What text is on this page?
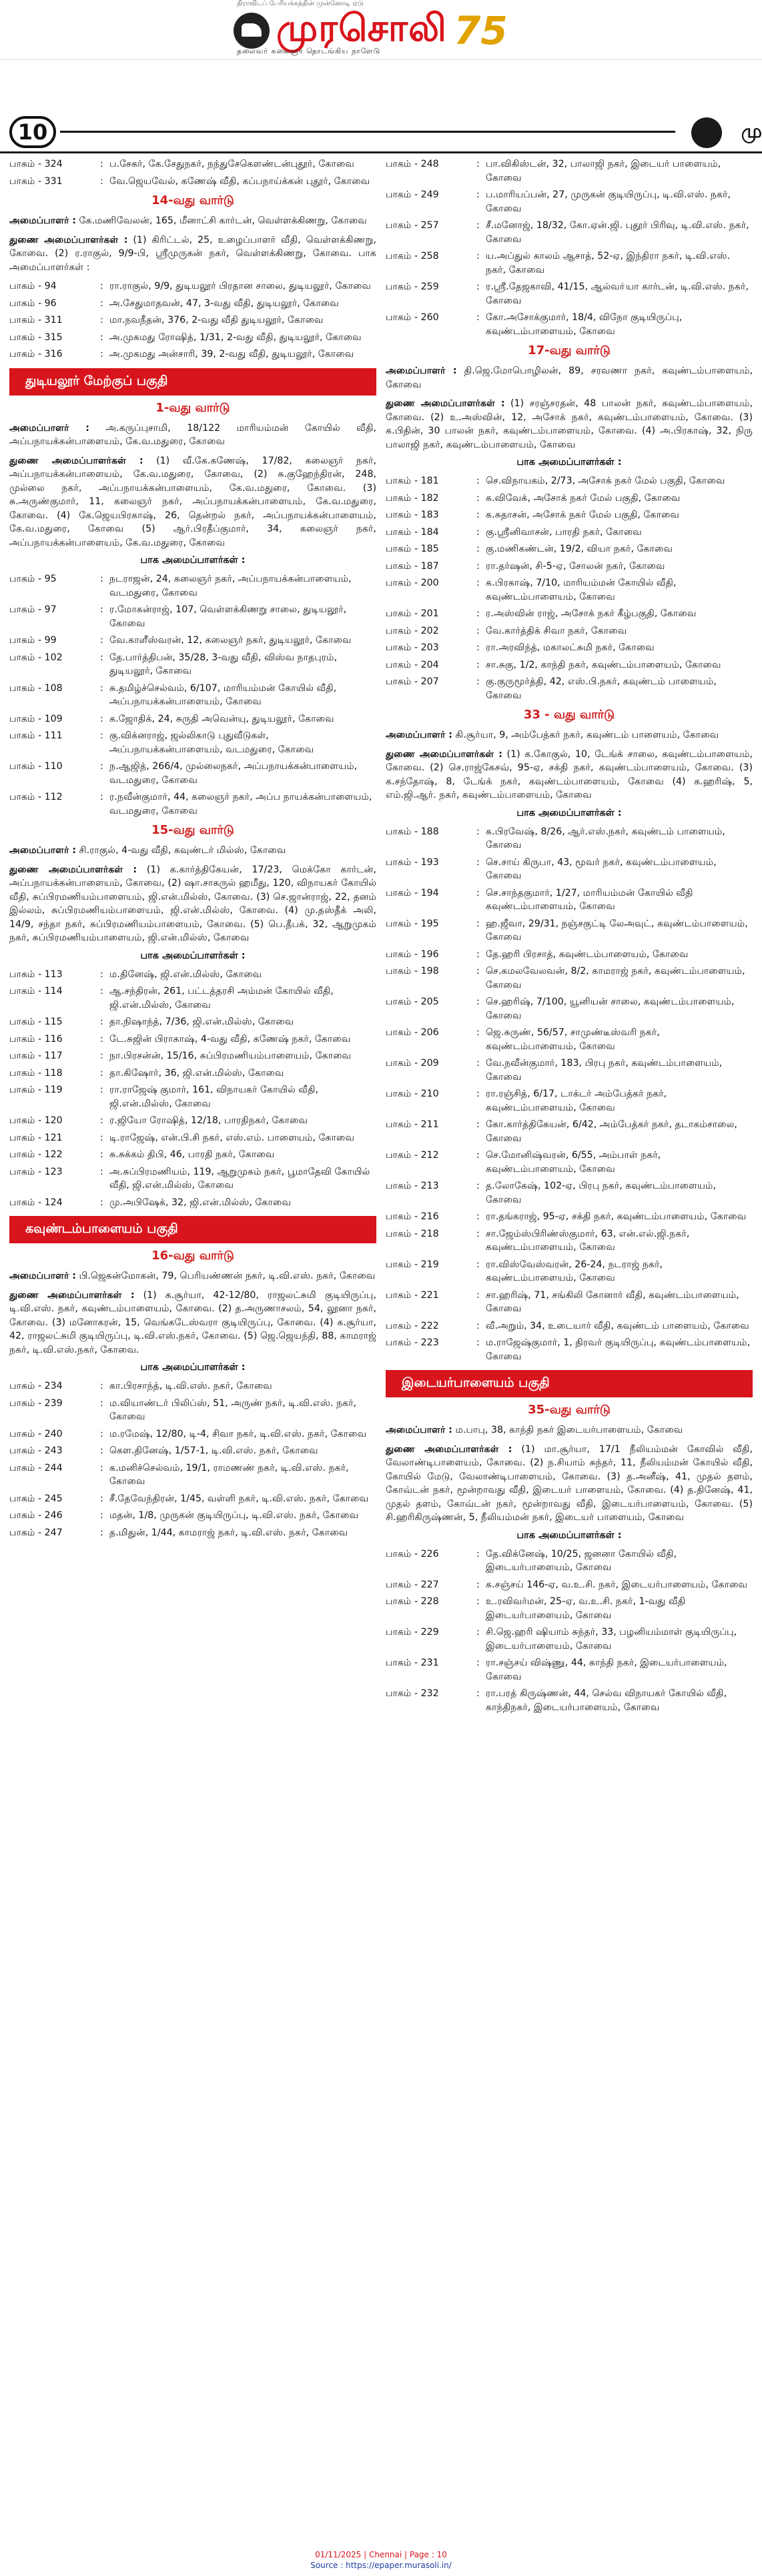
திராவிடப் பேரியக்கத்தின் முன்னோடி ஏடு
முரசொலி 75
தலைவர் கலைஞர் தொடங்கிய நாளேடு
10	மு
பாகம் - 324	: ப.சேகர், கே.சேதுநகர், நந்துசேகௌண்டன்புதூர், கோவை
பாகம் - 331	: வே.ஜெயவேல், கணேஷ் வீதி, கப்பநாய்க்கன் புதூர், கோவை
14-வது வார்டு
அமைப்பாளர் : கே.மணிவேலன், 165, மீனாட்சி கார்டன், வெள்ளக்கிணறு, கோவை
துணை அமைப்பாளர்கள் : (1) கிரிட்டல், 25, உழைப்பாளர் வீதி, வெள்ளக்கிணறு, கோவை. (2) ர.ராகுல், 9/9-பி, ஸ்ரீமுருகன் நகர், வெள்ளக்கிணறு, கோவை. பாக அமைப்பாளர்கள் :
பாகம் - 94	: ரா.ராகுல், 9/9, துடியலூர் பிரதான சாலை, துடியலூர், கோவை
பாகம் - 96	: அ.சேதுமாதவன், 47, 3-வது வீதி, துடியலூர், கோவை
பாகம் - 311	: மா.நவநீதன், 376, 2-வது வீதி துடியலூர், கோவை
பாகம் - 315	: அ.முகமது ரோஷித், 1/31, 2-வது வீதி, துடியலூர், கோவை
பாகம் - 316	: அ.முகமது அன்சாரி, 39, 2-வது வீதி, துடியலூர், கோவை
துடியலூர் மேற்குப் பகுதி
1-வது வார்டு
அமைப்பாளர் : அ.கருப்புசாமி, 18/122 மாரியம்மன் கோயில் வீதி, அப்பநாயக்கன்பாளையம், கே.வ.மதுரை, கோவை
துணை அமைப்பாளர்கள் : (1) வீ.கே.கணேஷ், 17/82, கலைஞர் நகர், அப்பநாயக்கன்பாளையம், கே.வ.மதுரை, கோவை, (2) சு.குஹேந்திரன், 248, முல்லை நகர், அப்பநாயக்கன்பாளையம், கே.வ.மதுரை, கோவை. (3) சு.அருண்குமார், 11, கலைஞர் நகர், அப்பநாயக்கன்பாளையம், கே.வ.மதுரை, கோவை. (4) கே.ஜெயபிரகாஷ், 26, தென்றல் நகர், அப்பநாயக்கன்பாளையம், கே.வ.மதுரை, கோவை (5) ஆர்.பிரதீப்குமார், 34, கலைஞர் நகர், அப்பநாயக்கன்பாளையம், கே.வ.மதுரை, கோவை
பாக அமைப்பாளர்கள் :
பாகம் - 95	: நடராஜன், 24, கலைஞர் நகர், அப்பநாயக்கன்பாளையம், வடமதுரை, கோவை
பாகம் - 97	: ர.மோகன்ராஜ், 107, வெள்ளக்கிணறு சாலை, துடியலூர், கோவை
பாகம் - 99	: வே.காளீஸ்வரன், 12, கலைஞர் நகர், துடியலூர், கோவை
பாகம் - 102	: தே.பார்த்திபன், 35/28, 3-வது வீதி, விஸ்வ நாதபுரம், துடியலூர், கோவை
பாகம் - 108	: சு.தமிழ்ச்செல்வம், 6/107, மாரியம்மன் கோயில் வீதி, அப்பநாயக்கன்பாளையம், கோவை
பாகம் - 109	: க.ஜோதிக், 24, சுருதி அவென்யு, துடியலூர், கோவை
பாகம் - 111	: கு.விக்னராஜ், ஜல்லிகாடு புதுவீடுகள், அப்பநாயக்கன்பாளையம், வடமதுரை, கோவை
பாகம் - 110	: ந.ஆஜித், 266/4, முல்லைநகர், அப்பநாயக்கன்பாளையம், வடமதுரை, கோவை
பாகம் - 112	: ர.நவீன்குமார், 44, கலைஞர் நகர், அப்ப நாயக்கன்பாளையம், வடமதுரை, கோவை
15-வது வார்டு
அமைப்பாளர் : சி.ராகுல், 4-வது வீதி, கவுண்டர் மில்ஸ், கோவை
துணை அமைப்பாளர்கள் : (1) க.கார்த்திகேயன், 17/23, மெக்கோ கார்டன், அப்பநாயக்கன்பாளையம், கோவை, (2) ஷா.சாகருல் ஹமீது, 120, விநாயகர் கோயில் வீதி, சுப்பிரமணியம்பாளையம், ஜி.என்.மில்ஸ், கோவை. (3) செ.ஜான்ராஜ், 22, தனம் இல்லம், சுப்பிரமணியம்பாளையம், ஜி.என்.மில்ஸ், கோவை. (4) மு.தஸ்தீக் அலி, 14/9, சந்தா நகர், சுப்பிரமணியம்பாளையம், கோவை. (5) பெ.தீபக், 32, ஆறுமுகம் நகர், சுப்பிரமணியம்பாளையம், ஜி.என்.மில்ஸ், கோவை
பாக அமைப்பாளர்கள் :
பாகம் - 113	: ம.தினேஷ், ஜி.என்.மில்ஸ், கோவை
பாகம் - 114	: ஆ.சந்திரன், 261, பட்டத்தரசி அம்மன் கோயில் வீதி, ஜி.என்.மில்ஸ், கோவை
பாகம் - 115	: தா.நிஷாந்த், 7/36, ஜி.என்.மில்ஸ், கோவை
பாகம் - 116	: டே.சுஜின் பிராகாஷ், 4-வது வீதி, கணேஷ் நகர், கோவை
பாகம் - 117	: நா.பிரசன்ன், 15/16, சுப்பிரமணியம்பாளையம், கோவை
பாகம் - 118	: தா.கிஷோர், 36, ஜி.என்.மில்ஸ், கோவை
பாகம் - 119	: ரா.ராஜேஷ் குமார், 161, விநாயகர் கோயில் வீதி, ஜி.என்.மில்ஸ், கோவை
பாகம் - 120	: ர.ஜியோ ரோஷித், 12/18, பாரதிநகர், கோவை
பாகம் - 121	: டி.ராஜேஷ், என்.பி.சி நகர், எஸ்.எம். பாளையம், கோவை
பாகம் - 122	: சு.சுக்கம் திபி, 46, பாரதி நகர், கோவை
பாகம் - 123	: அ.சுப்பிரமணியம், 119, ஆறுமுகம் நகர், பூமாதேவி கோயில் வீதி, ஜி.என்.மில்ஸ், கோவை
பாகம் - 124	: மு.அபிஷேக், 32, ஜி.என்.மில்ஸ், கோவை
கவுண்டம்பாளையம் பகுதி
16-வது வார்டு
அமைப்பாளர் : பி.ஜெகன்மோகன், 79, பெரியண்ணன் நகர், டி.வி.எஸ். நகர், கோவை
துணை அமைப்பாளர்கள் : (1) க.சூர்யா, 42-12/80, ராஜலட்சுமி குடியிருப்பு, டி.வி.எஸ். நகர், கவுண்டம்பாளையம், கோவை. (2) த.அருணாசலம், 54, லூனா நகர், கோவை. (3) மனோகரன், 15, வெங்கடேஸ்வரா குடியிருப்பு, கோவை. (4) க.சூர்யா, 42, ராஜலட்சுமி குடியிருப்பு, டி.வி.எஸ்.நகர், கோவை. (5) ஜெ.ஜெயந்தி, 88, காமராஜ் நகர், டி.வி.எஸ்.நகர், கோவை.
பாக அமைப்பாளர்கள் :
பாகம் - 234	: கா.பிரசாந்த், டி.வி.எஸ். நகர், கோவை
பாகம் - 239	: ம.வியாண்டர் பிலிப்ஸ், 51, அருண் நகர், டி.வி.எஸ். நகர், கோவை
பாகம் - 240	: ம.ரமேஷ், 12/80, டி-4, சிவா நகர், டி.வி.எஸ். நகர், கோவை
பாகம் - 243	: கௌ.தினேஷ், 1/57-1, டி.வி.எஸ். நகர், கோவை
பாகம் - 244	: க.மனிச்செல்வம், 19/1, ராமணண் நகர், டி.வி.எஸ். நகர், கோவை
பாகம் - 245	: சீ.தேவேந்திரன், 1/45, வள்ளி நகர், டி.வி.எஸ். நகர், கோவை
பாகம் - 246	: மதன், 1/8, முருகன் குடியிருப்பு, டி.வி.எஸ். நகர், கோவை
பாகம் - 247	: த.மிதுன், 1/44, காமராஜ் நகர், டி.வி.எஸ். நகர், கோவை
பாகம் - 248	: பா.விகிஸ்டன், 32, பாலாஜி நகர், இடையர் பாளையம், கோவை
பாகம் - 249	: ப.மாரியப்பன், 27, முருகன் குடியிருப்பு, டி.வி.எஸ். நகர், கோவை
பாகம் - 257	: சீ.மனோஜ், 18/32, கோ.ஏன்.ஜி. புதூர் பிரிவு, டி.வி.எஸ். நகர், கோவை
பாகம் - 258	: ய.அப்துல் காலம் ஆசாத், 52-ஏ, இந்திரா நகர், டி.வி.எஸ். நகர், கோவை
பாகம் - 259	: ர.ஸ்ரீ.தேஜகாவி, 41/15, ஆல்வா்யா கார்டன், டி.வி.எஸ். நகர், கோவை
பாகம் - 260	: கோ.அசோக்குமார், 18/4, விநோ குடியிருப்பு, கவுண்டம்பாளையம், கோவை
17-வது வார்டு
அமைப்பாளர் : தி.ஜெ.மோபொழிலன், 89, சரவணா நகர், கவுண்டம்பாளையம், கோவை
துணை அமைப்பாளர்கள் : (1) சரஞ்சரதன், 48 பாலன் நகர், கவுண்டம்பாளையம், கோவை. (2) உ.அஸ்வின், 12, அசோக் நகர், கவுண்டம்பாளையம், கோவை. (3) க.பிதின், 30 பாலன் நகர், கவுண்டம்பாளையம், கோவை. (4) அ.பிரகாஷ், 32, நிரு பாலாஜி நகர், கவுண்டம்பாளையம், கோவை
பாக அமைப்பாளர்கள் :
பாகம் - 181	: செ.விநாயகம், 2/73, அசோக் நகர் மேல் பகுதி, கோவை
பாகம் - 182	: க.விவேக், அசோக் நகர் மேல் பகுதி, கோவை
பாகம் - 183	: க.சுதாசன், அசோக் நகர் மேல் பகுதி, கோவை
பாகம் - 184	: கு.ஸ்ரீனிவாசன், பாரதி நகர், கோவை
பாகம் - 185	: கு.மணிகண்டன், 19/2, வியா நகர், கோவை
பாகம் - 187	: ரா.தர்ஷன், சி-5-ஏ, சோலன் நகர், கோவை
பாகம் - 200	: க.பிரகாஷ், 7/10, மாரியம்மன் கோயில் வீதி, கவுண்டம்பாளையம், கோவை
பாகம் - 201	: ர.அஸ்வின் ராஜ், அசோக் நகர் கீழ்பகுதி, கோவை
பாகம் - 202	: வே.கார்த்திக் சிவா நகர், கோவை
பாகம் - 203	: ரா.அரவிந்த், மகாலட்சுமி நகர், கோவை
பாகம் - 204	: சா.சுகு, 1/2, காந்தி நகர், கவுண்டம்பாளையம், கோவை
பாகம் - 207	: கு.குருமூர்த்தி, 42, எஸ்.பி.நகர், கவுண்டம் பாளையம், கோவை
33 - வது வார்டு
அமைப்பாளர் : கி.சூர்யா, 9, அம்பேத்கர் நகர், கவுண்டம் பாளையம், கோவை
துணை அமைப்பாளர்கள் : (1) க.கோகுல், 10, டேங்க் சாலை, கவுண்டம்பாளையம், கோவை. (2) செ.ராஜ்கேசவ், 95-ஏ, சக்தி நகர், கவுண்டம்பாளையம், கோவை. (3) க.சந்தோஷ், 8, டேங்க் நகர், கவுண்டம்பாளையம், கோவை (4) க.ஹரிஷ், 5, எம்.ஜி.ஆர். நகர், கவுண்டம்பாளையம், கோவை
பாக அமைப்பாளர்கள் :
பாகம் - 188	: க.பிரவேஷ், 8/26, ஆர்.எஸ்.நகர், கவுண்டம் பாளையம், கோவை
பாகம் - 193	: செ.சாய் கிருபா, 43, மூவர் நகர், கவுண்டம்பாளையம், கோவை
பாகம் - 194	: செ.சாந்தகுமார், 1/27, மாரியம்மன் கோயில் வீதி கவுண்டம்பாளையம், கோவை
பாகம் - 195	: ஹ.ஜீவா, 29/31, நஞ்சகுட்டி லேஅவுட், கவுண்டம்பாளையம், கோவை
பாகம் - 196	: தே.ஹரி பிரசாத், கவுண்டம்பாளையம், கோவை
பாகம் - 198	: செ.கமலவேலவன், 8/2, காமராஜ் நகர், கவுண்டம்பாளையம், கோவை
பாகம் - 205	: செ.ஹரிஷ், 7/100, யூனியன் சாலை, கவுண்டம்பாளையம், கோவை
பாகம் - 206	: ஜெ.சுருண், 56/57, சாமுண்டீஸ்வரி நகர், கவுண்டம்பாளையம், கோவை
பாகம் - 209	: வே.நவீன்குமார், 183, பிரபு நகர், கவுண்டம்பாளையம், கோவை
பாகம் - 210	: ரா.ரஞ்சித், 6/17, டாக்டர் அம்பேத்கர் நகர், கவுண்டம்பாளையம், கோவை
பாகம் - 211	: கோ.கார்த்திகேயன், 6/42, அம்பேத்கர் நகர், தடாகம்சாலை, கோவை
பாகம் - 212	: செ.மோனிஷ்வரன், 6/55, அம்பாள் நகர், கவுண்டம்பாளையம், கோவை
பாகம் - 213	: த.லோகேஷ், 102-ஏ, பிரபு நகர், கவுண்டம்பாளையம், கோவை
பாகம் - 216	: ரா.தங்கராஜ், 95-ஏ, சக்தி நகர், கவுண்டம்பாளையம், கோவை
பாகம் - 218	: சா.ஜேம்ஸ்பிரிண்ஸ்குமார், 63, என்.எல்.ஜி.நகர், கவுண்டம்பாளையம், கோவை
பாகம் - 219	: ரா.விஸ்வேஸ்வரன், 26-24, நடராஜ் நகர், கவுண்டம்பாளையம், கோவை
பாகம் - 221	: சா.ஹரிஷ், 71, சங்கிலி கோனார் வீதி, கவுண்டம்பாளையம், கோவை
பாகம் - 222	: வீ.அறும், 34, உடையார் வீதி, கவுண்டம் பாளையம், கோவை
பாகம் - 223	: ம.ராஜேஷ்குமார், 1, திரவர் குடியிருப்பு, கவுண்டம்பாளையம், கோவை
இடையர்பாளையம் பகுதி
35-வது வார்டு
அமைப்பாளர் : ம.பாபு, 38, காந்தி நகர் இடையர்பாளையம், கோவை
துணை அமைப்பாளர்கள் : (1) மா.சூர்யா, 17/1 நீலியம்மன் கோவில் வீதி, வேலாண்டிபாளையம், கோவை. (2) ந.சியாம் சுந்தர், 11, நீலியம்மன் கோயில் வீதி, கோயில் மேடு, வேலாண்டிபாளையம், கோவை. (3) த.அனீஷ், 41, முதல் தளம், கோவ்டன் நகர், மூன்றாவது வீதி, இடையர் பாளையம், கோவை. (4) த.தினேஷ், 41, முதல் தளம், கோவ்டன் நகர், மூன்றாவது வீதி, இடையர்பாளையம், கோவை. (5) சி.ஹரிகிருஷ்ணன், 5, நீலியம்மன் நகர், இடையர் பாளையம், கோவை
பாக அமைப்பாளர்கள் :
பாகம் - 226	: தே.விக்னேஷ், 10/25, ஜனனா கோயில் வீதி, இடையர்பாளையம், கோவை
பாகம் - 227	: க.சஞ்சய் 146-ஏ, வ.உ.சி. நகர், இடையர்பாளையம், கோவை
பாகம் - 228	: உ.ரவிவர்மன், 25-ஏ, வ.உ.சி. நகர், 1-வது வீதி இடையர்பாளையம், கோவை
பாகம் - 229	: சி.ஜெ.ஹரி ஷியாம் சுந்தர், 33, பழனியம்மாள் குடியிருப்பு, இடையர்பாளையம், கோவை
பாகம் - 231	: ரா.சஞ்சய் விஷ்ணு, 44, காந்தி நகர், இடையர்பாளையம், கோவை
பாகம் - 232	: ரா.பரத் கிருஷ்ணன், 44, செல்வ விநாயகர் கோயில் வீதி, காந்திநகர், இடையர்பாளையம், கோவை
01/11/2025 | Chennai | Page : 10
Source : https://epaper.murasoli.in/
